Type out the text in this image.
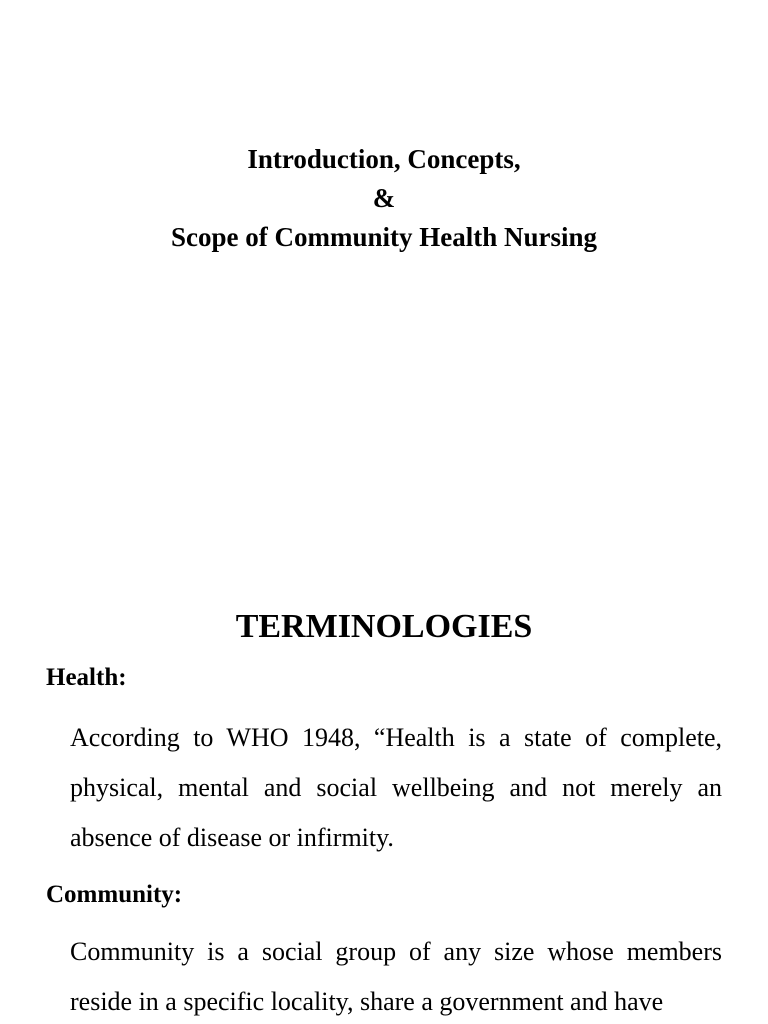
Introduction, Concepts,
&
Scope of Community Health Nursing
TERMINOLOGIES
Health:
According to WHO 1948, “Health is a state of complete, physical, mental and social wellbeing and not merely an absence of disease or infirmity.
Community:
Community is a social group of any size whose members reside in a specific locality, share a government and have
